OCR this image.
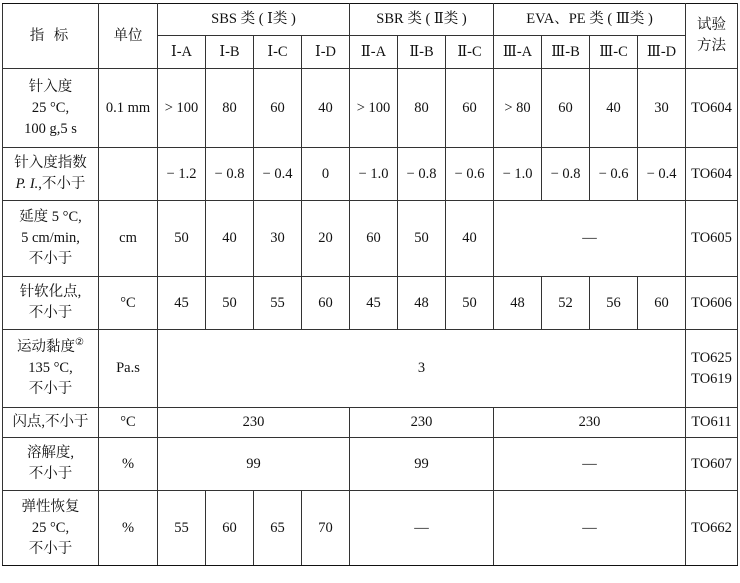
指 标	单位	SBS 类 ( Ⅰ类 )				SBR 类 ( Ⅱ类 )			EVA、PE 类 ( Ⅲ类 )				试验
方法
		Ⅰ-A	Ⅰ-B	Ⅰ-C	Ⅰ-D	Ⅱ-A	Ⅱ-B	Ⅱ-C	Ⅲ-A	Ⅲ-B	Ⅲ-C	Ⅲ-D	
针入度
25 °C,
100 g,5 s	0.1 mm	> 100	80	60	40	> 100	80	60	> 80	60	40	30	TO604
针入度指数
P. I.,不小于		− 1.2	− 0.8	− 0.4	0	− 1.0	− 0.8	− 0.6	− 1.0	− 0.8	− 0.6	− 0.4	TO604
延度 5 °C,
5 cm/min,
不小于	cm	50	40	30	20	60	50	40	—				TO605
针软化点,
不小于	°C	45	50	55	60	45	48	50	48	52	56	60	TO606
运动黏度②
135 °C,
不小于	Pa.s	3											TO625
TO619
闪点,不小于	°C	230				230			230				TO611
溶解度,
不小于	%	99				99			—				TO607
弹性恢复
25 °C,
不小于	%	55	60	65	70	—			—				TO662
